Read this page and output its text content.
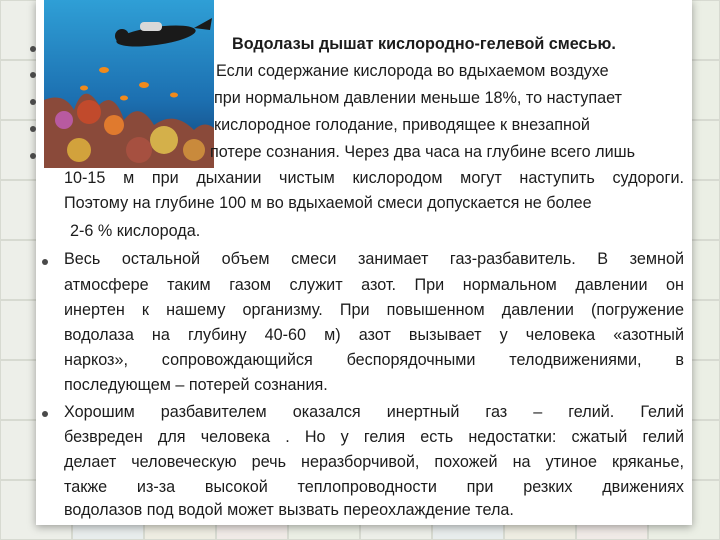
Водолазы дышат кислородно-гелевой смесью.
Если содержание кислорода во вдыхаемом воздухе
при нормальном давлении меньше 18%, то наступает
кислородное голодание, приводящее к внезапной
потере сознания. Через два часа на глубине всего лишь
10-15 м при дыхании чистым кислородом могут наступить судороги.
Поэтому на глубине 100 м во вдыхаемой смеси допускается не более
2-6 % кислорода.
Весь остальной объем смеси занимает газ-разбавитель. В земной
атмосфере таким газом служит азот. При нормальном давлении он
инертен к нашему организму. При повышенном давлении (погружение
водолаза на глубину 40-60 м) азот вызывает у человека «азотный
наркоз», сопровождающийся беспорядочными телодвижениями, в
последующем – потерей сознания.
Хорошим разбавителем оказался инертный газ – гелий. Гелий
безвреден для человека . Но у гелия есть недостатки: сжатый гелий
делает человеческую речь неразборчивой, похожей на утиное кряканье,
также из-за высокой теплопроводности при резких движениях
водолазов под водой может вызвать переохлаждение тела.
